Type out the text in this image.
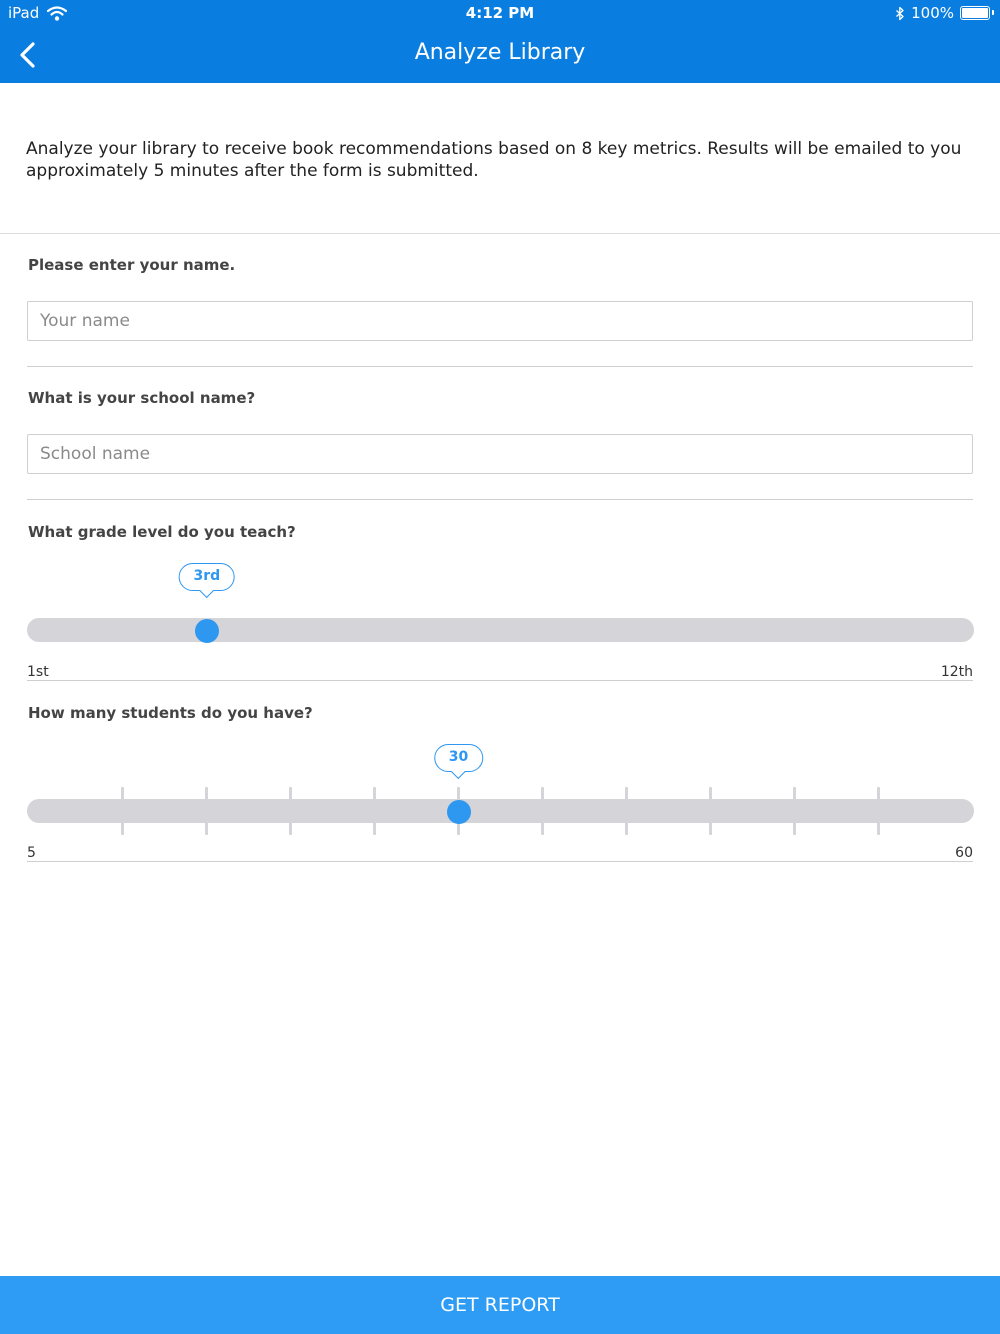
iPad	4:12 PM	100%
Analyze Library

Analyze your library to receive book recommendations based on 8 key metrics. Results will be emailed to you approximately 5 minutes after the form is submitted.

Please enter your name.
Your name
What is your school name?
School name
What grade level do you teach?
3rd
1st	12th
How many students do you have?
30
5	60
GET REPORT
